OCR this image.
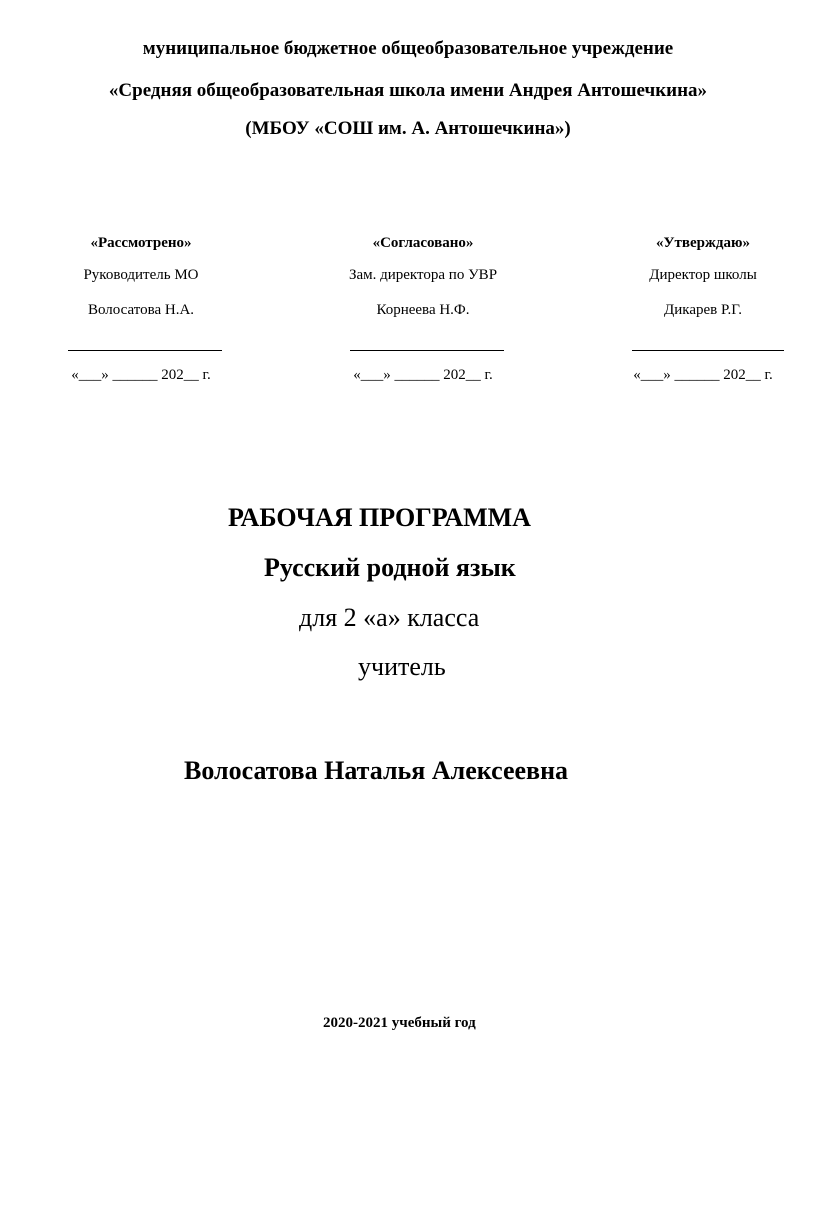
муниципальное бюджетное общеобразовательное учреждение
«Средняя общеобразовательная школа имени Андрея Антошечкина»
(МБОУ «СОШ им. А. Антошечкина»)
«Рассмотрено»
Руководитель МО
Волосатова Н.А.
«___» ______ 202__ г.
«Согласовано»
Зам. директора по УВР
Корнеева Н.Ф.
«___» ______ 202__ г.
«Утверждаю»
Директор школы
Дикарев Р.Г.
«___» ______ 202__ г.
РАБОЧАЯ ПРОГРАММА
Русский родной язык
для 2 «а» класса
учитель
Волосатова Наталья Алексеевна
2020-2021 учебный год
